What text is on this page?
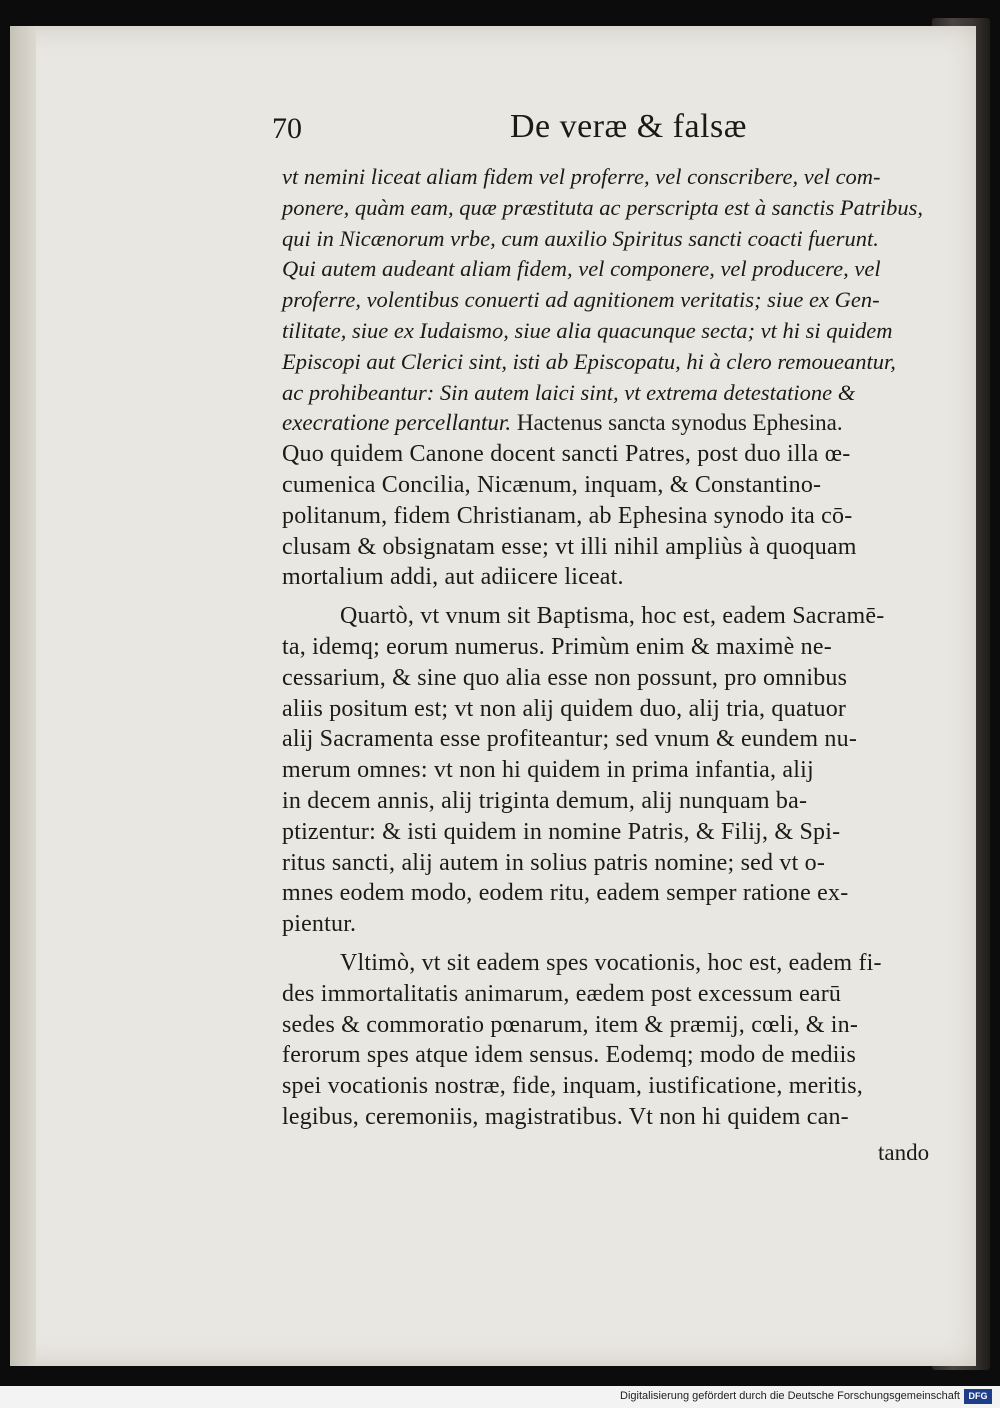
70	De veræ & falsæ
vt nemini liceat aliam fidem vel proferre, vel conscribere, vel com-
ponere, quàm eam, quæ præstituta ac perscripta est à sanctis Patribus,
qui in Nicænorum vrbe, cum auxilio Spiritus sancti coacti fuerunt.
Qui autem audeant aliam fidem, vel componere, vel producere, vel
proferre, volentibus conuerti ad agnitionem veritatis; siue ex Gen-
tilitate, siue ex Iudaismo, siue alia quacunque secta; vt hi si quidem
Episcopi aut Clerici sint, isti ab Episcopatu, hi à clero remoueantur,
ac prohibeantur: Sin autem laici sint, vt extrema detestatione &
execratione percellantur. Hactenus sancta synodus Ephesina.
Quo quidem Canone docent sancti Patres, post duo illa œ-
cumenica Concilia, Nicænum, inquam, & Constantino-
politanum, fidem Christianam, ab Ephesina synodo ita cō-
clusam & obsignatam esse; vt illi nihil ampliùs à quoquam
mortalium addi, aut adiicere liceat.
Quartò, vt vnum sit Baptisma, hoc est, eadem Sacramē-
ta, idemq; eorum numerus. Primùm enim & maximè ne-
cessarium, & sine quo alia esse non possunt, pro omnibus
aliis positum est; vt non alij quidem duo, alij tria, quatuor
alij Sacramenta esse profiteantur; sed vnum & eundem nu-
merum omnes: vt non hi quidem in prima infantia, alij
in decem annis, alij triginta demum, alij nunquam ba-
ptizentur: & isti quidem in nomine Patris, & Filij, & Spi-
ritus sancti, alij autem in solius patris nomine; sed vt o-
mnes eodem modo, eodem ritu, eadem semper ratione ex-
pientur.
Vltimò, vt sit eadem spes vocationis, hoc est, eadem fi-
des immortalitatis animarum, eædem post excessum earū
sedes & commoratio pœnarum, item & præmij, cœli, & in-
ferorum spes atque idem sensus. Eodemq; modo de mediis
spei vocationis nostræ, fide, inquam, iustificatione, meritis,
legibus, ceremoniis, magistratibus. Vt non hi quidem can-
tando
Digitalisierung gefördert durch die Deutsche Forschungsgemeinschaft DFG
